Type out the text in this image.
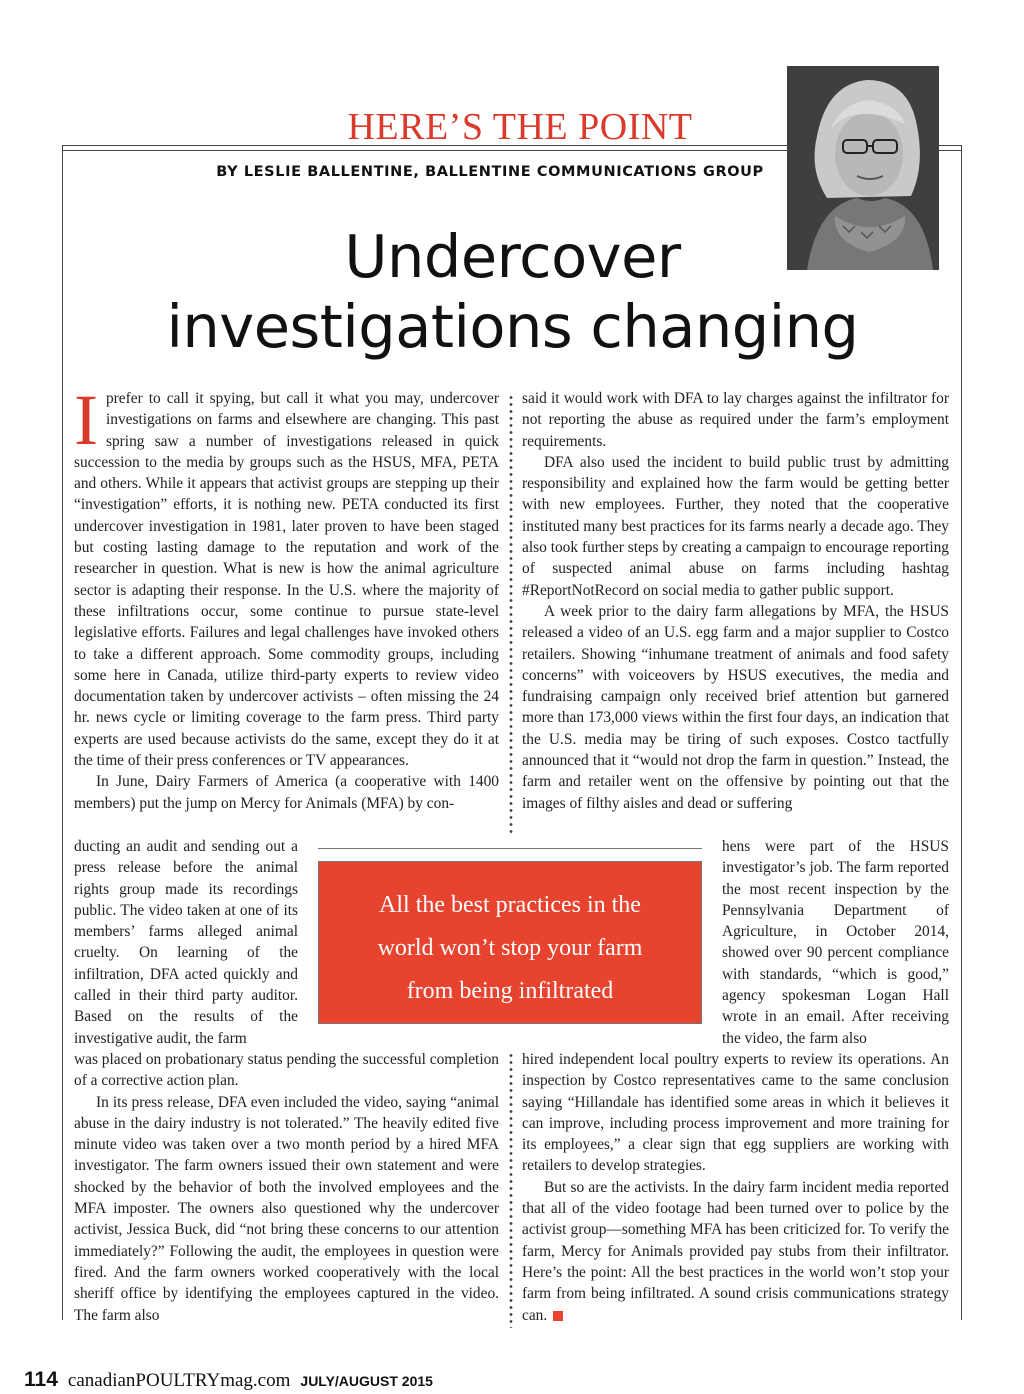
HERE’S THE POINT
BY LESLIE BALLENTINE, BALLENTINE COMMUNICATIONS GROUP
Undercover
investigations changing

Iprefer to call it spying, but call it what you may, undercover investigations on farms and elsewhere are changing. This past spring saw a number of investigations released in quick succession to the media by groups such as the HSUS, MFA, PETA and others. While it appears that activist groups are stepping up their “investigation” efforts, it is nothing new. PETA conducted its first undercover investigation in 1981, later proven to have been staged but costing lasting damage to the reputation and work of the researcher in question. What is new is how the animal agriculture sector is adapting their response. In the U.S. where the majority of these infiltrations occur, some continue to pursue state-level legislative efforts. Failures and legal challenges have invoked others to take a different approach. Some commodity groups, including some here in Canada, utilize third-party experts to review video documentation taken by undercover activists – often missing the 24 hr. news cycle or limiting coverage to the farm press. Third party experts are used because activists do the same, except they do it at the time of their press conferences or TV appearances.

In June, Dairy Farmers of America (a cooperative with 1400 members) put the jump on Mercy for Animals (MFA) by con-

ducting an audit and sending out a press release before the animal rights group made its recordings public. The video taken at one of its members’ farms alleged animal cruelty. On learning of the infiltration, DFA acted quickly and called in their third party auditor. Based on the results of the investigative audit, the farm

was placed on probationary status pending the successful completion of a corrective action plan.

In its press release, DFA even included the video, saying “animal abuse in the dairy industry is not tolerated.” The heavily edited five minute video was taken over a two month period by a hired MFA investigator. The farm owners issued their own statement and were shocked by the behavior of both the involved employees and the MFA imposter. The owners also questioned why the undercover activist, Jessica Buck, did “not bring these concerns to our attention immediately?” Following the audit, the employees in question were fired. And the farm owners worked cooperatively with the local sheriff office by identifying the employees captured in the video. The farm also

said it would work with DFA to lay charges against the infiltrator for not reporting the abuse as required under the farm’s employment requirements.

DFA also used the incident to build public trust by admitting responsibility and explained how the farm would be getting better with new employees. Further, they noted that the cooperative instituted many best practices for its farms nearly a decade ago. They also took further steps by creating a campaign to encourage reporting of suspected animal abuse on farms including hashtag #ReportNotRecord on social media to gather public support.

A week prior to the dairy farm allegations by MFA, the HSUS released a video of an U.S. egg farm and a major supplier to Costco retailers. Showing “inhumane treatment of animals and food safety concerns” with voiceovers by HSUS executives, the media and fundraising campaign only received brief attention but garnered more than 173,000 views within the first four days, an indication that the U.S. media may be tiring of such exposes. Costco tactfully announced that it “would not drop the farm in question.” Instead, the farm and retailer went on the offensive by pointing out that the images of filthy aisles and dead or suffering

hens were part of the HSUS investigator’s job. The farm reported the most recent inspection by the Pennsylvania Department of Agriculture, in October 2014, showed over 90 percent compliance with standards, “which is good,” agency spokesman Logan Hall wrote in an email. After receiving the video, the farm also

hired independent local poultry experts to review its operations. An inspection by Costco representatives came to the same conclusion saying “Hillandale has identified some areas in which it believes it can improve, including process improvement and more training for its employees,” a clear sign that egg suppliers are working with retailers to develop strategies.

But so are the activists. In the dairy farm incident media reported that all of the video footage had been turned over to police by the activist group—something MFA has been criticized for. To verify the farm, Mercy for Animals provided pay stubs from their infiltrator. Here’s the point: All the best practices in the world won’t stop your farm from being infiltrated. A sound crisis communications strategy can.

All the best practices in the
world won’t stop your farm
from being infiltrated
114 canadianPOULTRYmag.com JULY/AUGUST 2015
